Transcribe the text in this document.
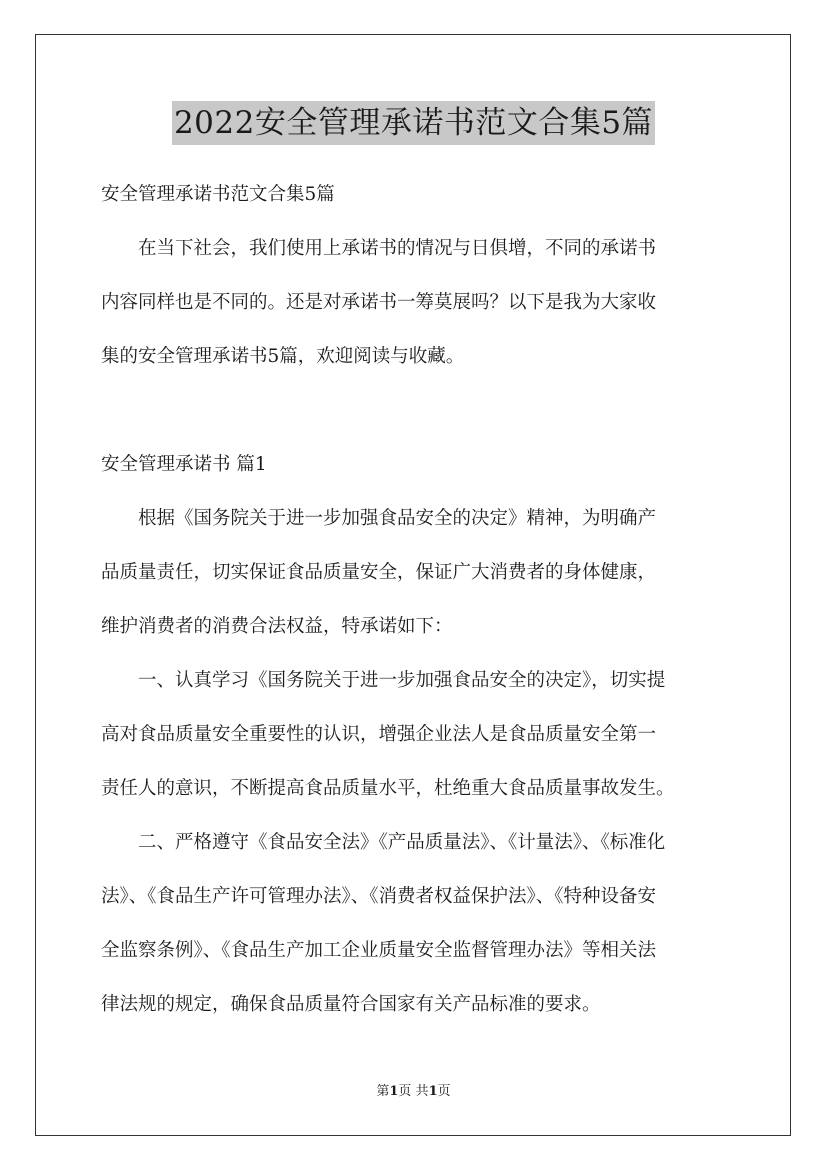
2022安全管理承诺书范文合集5篇

安全管理承诺书范文合集5篇

在当下社会，我们使用上承诺书的情况与日俱增，不同的承诺书

内容同样也是不同的。还是对承诺书一筹莫展吗？以下是我为大家收

集的安全管理承诺书5篇，欢迎阅读与收藏。

安全管理承诺书 篇1

根据《国务院关于进一步加强食品安全的决定》精神，为明确产

品质量责任，切实保证食品质量安全，保证广大消费者的身体健康，

维护消费者的消费合法权益，特承诺如下：

一、认真学习《国务院关于进一步加强食品安全的决定》，切实提

高对食品质量安全重要性的认识，增强企业法人是食品质量安全第一

责任人的意识，不断提高食品质量水平，杜绝重大食品质量事故发生。

二、严格遵守《食品安全法》《产品质量法》、《计量法》、《标准化

法》、《食品生产许可管理办法》、《消费者权益保护法》、《特种设备安

全监察条例》、《食品生产加工企业质量安全监督管理办法》等相关法

律法规的规定，确保食品质量符合国家有关产品标准的要求。

第1页 共1页
